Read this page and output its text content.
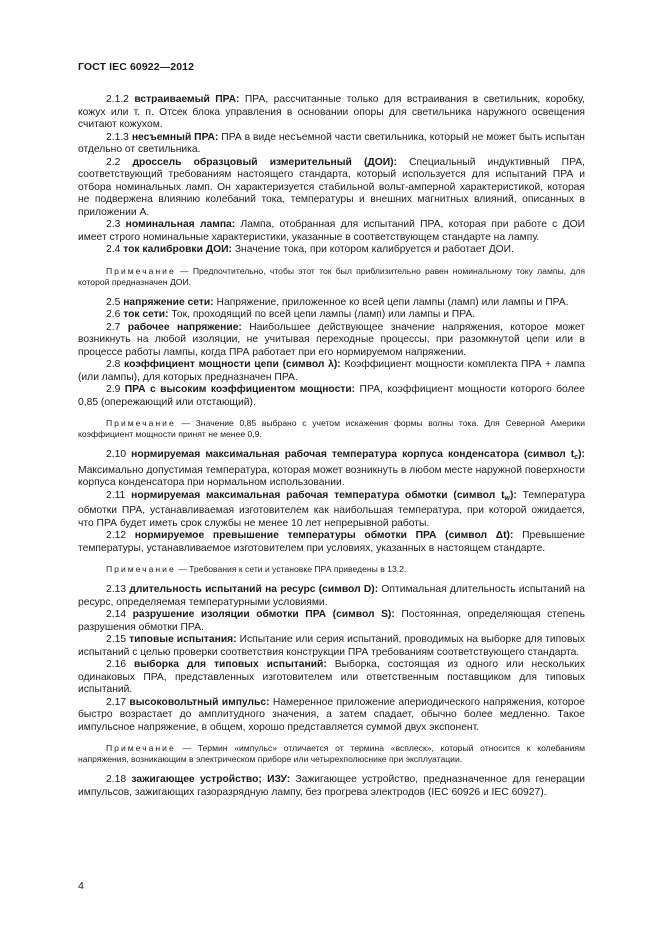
ГОСТ IEC 60922—2012

2.1.2 встраиваемый ПРА: ПРА, рассчитанные только для встраивания в светильник, коробку, кожух или т. п. Отсек блока управления в основании опоры для светильника наружного освещения считают кожухом.

2.1.3 несъемный ПРА: ПРА в виде несъемной части светильника, который не может быть испытан отдельно от светильника.

2.2 дроссель образцовый измерительный (ДОИ): Специальный индуктивный ПРА, соответствующий требованиям настоящего стандарта, который используется для испытаний ПРА и отбора номинальных ламп. Он характеризуется стабильной вольт-амперной характеристикой, которая не подвержена влиянию колебаний тока, температуры и внешних магнитных влияний, описанных в приложении А.

2.3 номинальная лампа: Лампа, отобранная для испытаний ПРА, которая при работе с ДОИ имеет строго номинальные характеристики, указанные в соответствующем стандарте на лампу.

2.4 ток калибровки ДОИ: Значение тока, при котором калибруется и работает ДОИ.

Примечание — Предпочтительно, чтобы этот ток был приблизительно равен номинальному току лампы, для которой предназначен ДОИ.

2.5 напряжение сети: Напряжение, приложенное ко всей цепи лампы (ламп) или лампы и ПРА.

2.6 ток сети: Ток, проходящий по всей цепи лампы (ламп) или лампы и ПРА.

2.7 рабочее напряжение: Наибольшее действующее значение напряжения, которое может возникнуть на любой изоляции, не учитывая переходные процессы, при разомкнутой цепи или в процессе работы лампы, когда ПРА работает при его нормируемом напряжении.

2.8 коэффициент мощности цепи (символ λ): Коэффициент мощности комплекта ПРА + лампа (или лампы), для которых предназначен ПРА.

2.9 ПРА с высоким коэффициентом мощности: ПРА, коэффициент мощности которого более 0,85 (опережающий или отстающий).

Примечание — Значение 0,85 выбрано с учетом искажения формы волны тока. Для Северной Америки коэффициент мощности принят не менее 0,9.

2.10 нормируемая максимальная рабочая температура корпуса конденсатора (символ $t_c$): Максимально допустимая температура, которая может возникнуть в любом месте наружной поверхности корпуса конденсатора при нормальном использовании.

2.11 нормируемая максимальная рабочая температура обмотки (символ $t_w$): Температура обмотки ПРА, устанавливаемая изготовителем как наибольшая температура, при которой ожидается, что ПРА будет иметь срок службы не менее 10 лет непрерывной работы.

2.12 нормируемое превышение температуры обмотки ПРА (символ Δt): Превышение температуры, устанавливаемое изготовителем при условиях, указанных в настоящем стандарте.

Примечание — Требования к сети и установке ПРА приведены в 13.2.

2.13 длительность испытаний на ресурс (символ D): Оптимальная длительность испытаний на ресурс, определяемая температурными условиями.

2.14 разрушение изоляции обмотки ПРА (символ S): Постоянная, определяющая степень разрушения обмотки ПРА.

2.15 типовые испытания: Испытание или серия испытаний, проводимых на выборке для типовых испытаний с целью проверки соответствия конструкции ПРА требованиям соответствующего стандарта.

2.16 выборка для типовых испытаний: Выборка, состоящая из одного или нескольких одинаковых ПРА, представленных изготовителем или ответственным поставщиком для типовых испытаний.

2.17 высоковольтный импульс: Намеренное приложение апериодического напряжения, которое быстро возрастает до амплитудного значения, а затем спадает, обычно более медленно. Такое импульсное напряжение, в общем, хорошо представляется суммой двух экспонент.

Примечание — Термин «импульс» отличается от термина «всплеск», который относится к колебаниям напряжения, возникающим в электрическом приборе или четырехполюснике при эксплуатации.

2.18 зажигающее устройство; ИЗУ: Зажигающее устройство, предназначенное для генерации импульсов, зажигающих газоразрядную лампу, без прогрева электродов (IEC 60926 и IEC 60927).

4
